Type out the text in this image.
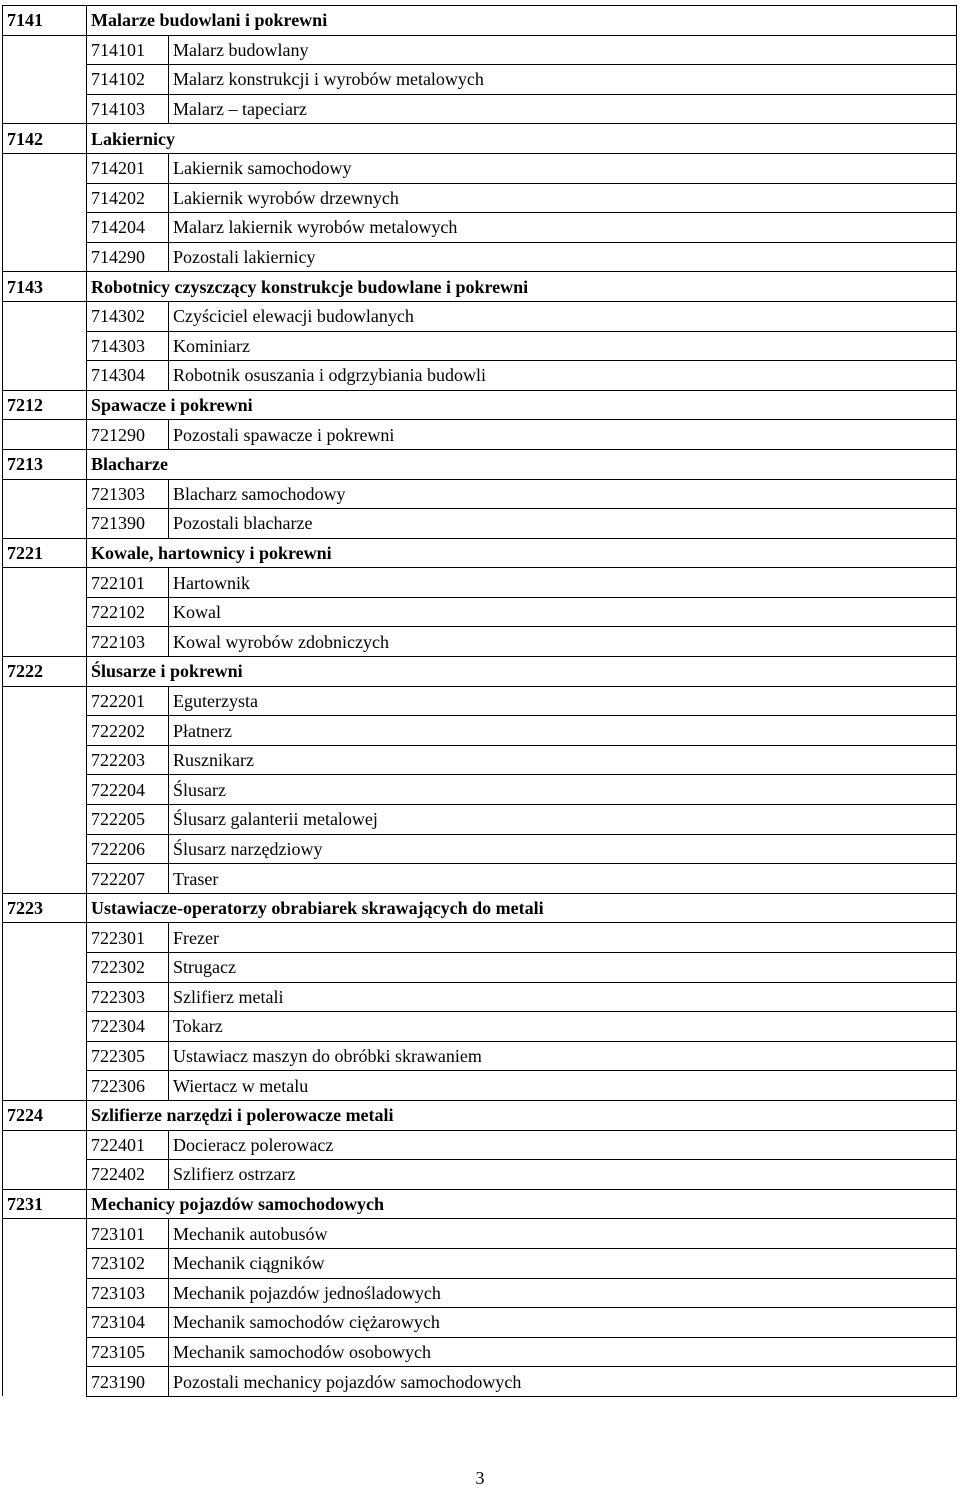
7141	Malarze budowlani i pokrewni	
	714101	Malarz budowlany
	714102	Malarz konstrukcji i wyrobów metalowych
	714103	Malarz – tapeciarz
7142	Lakiernicy	
	714201	Lakiernik samochodowy
	714202	Lakiernik wyrobów drzewnych
	714204	Malarz lakiernik wyrobów metalowych
	714290	Pozostali lakiernicy
7143	Robotnicy czyszczący konstrukcje budowlane i pokrewni	
	714302	Czyściciel elewacji budowlanych
	714303	Kominiarz
	714304	Robotnik osuszania i odgrzybiania budowli
7212	Spawacze i pokrewni	
	721290	Pozostali spawacze i pokrewni
7213	Blacharze	
	721303	Blacharz samochodowy
	721390	Pozostali blacharze
7221	Kowale, hartownicy i pokrewni	
	722101	Hartownik
	722102	Kowal
	722103	Kowal wyrobów zdobniczych
7222	Ślusarze i pokrewni	
	722201	Eguterzysta
	722202	Płatnerz
	722203	Rusznikarz
	722204	Ślusarz
	722205	Ślusarz galanterii metalowej
	722206	Ślusarz narzędziowy
	722207	Traser
7223	Ustawiacze-operatorzy obrabiarek skrawających do metali	
	722301	Frezer
	722302	Strugacz
	722303	Szlifierz metali
	722304	Tokarz
	722305	Ustawiacz maszyn do obróbki skrawaniem
	722306	Wiertacz w metalu
7224	Szlifierze narzędzi i polerowacze metali	
	722401	Docieracz polerowacz
	722402	Szlifierz ostrzarz
7231	Mechanicy pojazdów samochodowych	
	723101	Mechanik autobusów
	723102	Mechanik ciągników
	723103	Mechanik pojazdów jednośladowych
	723104	Mechanik samochodów ciężarowych
	723105	Mechanik samochodów osobowych
	723190	Pozostali mechanicy pojazdów samochodowych
3
